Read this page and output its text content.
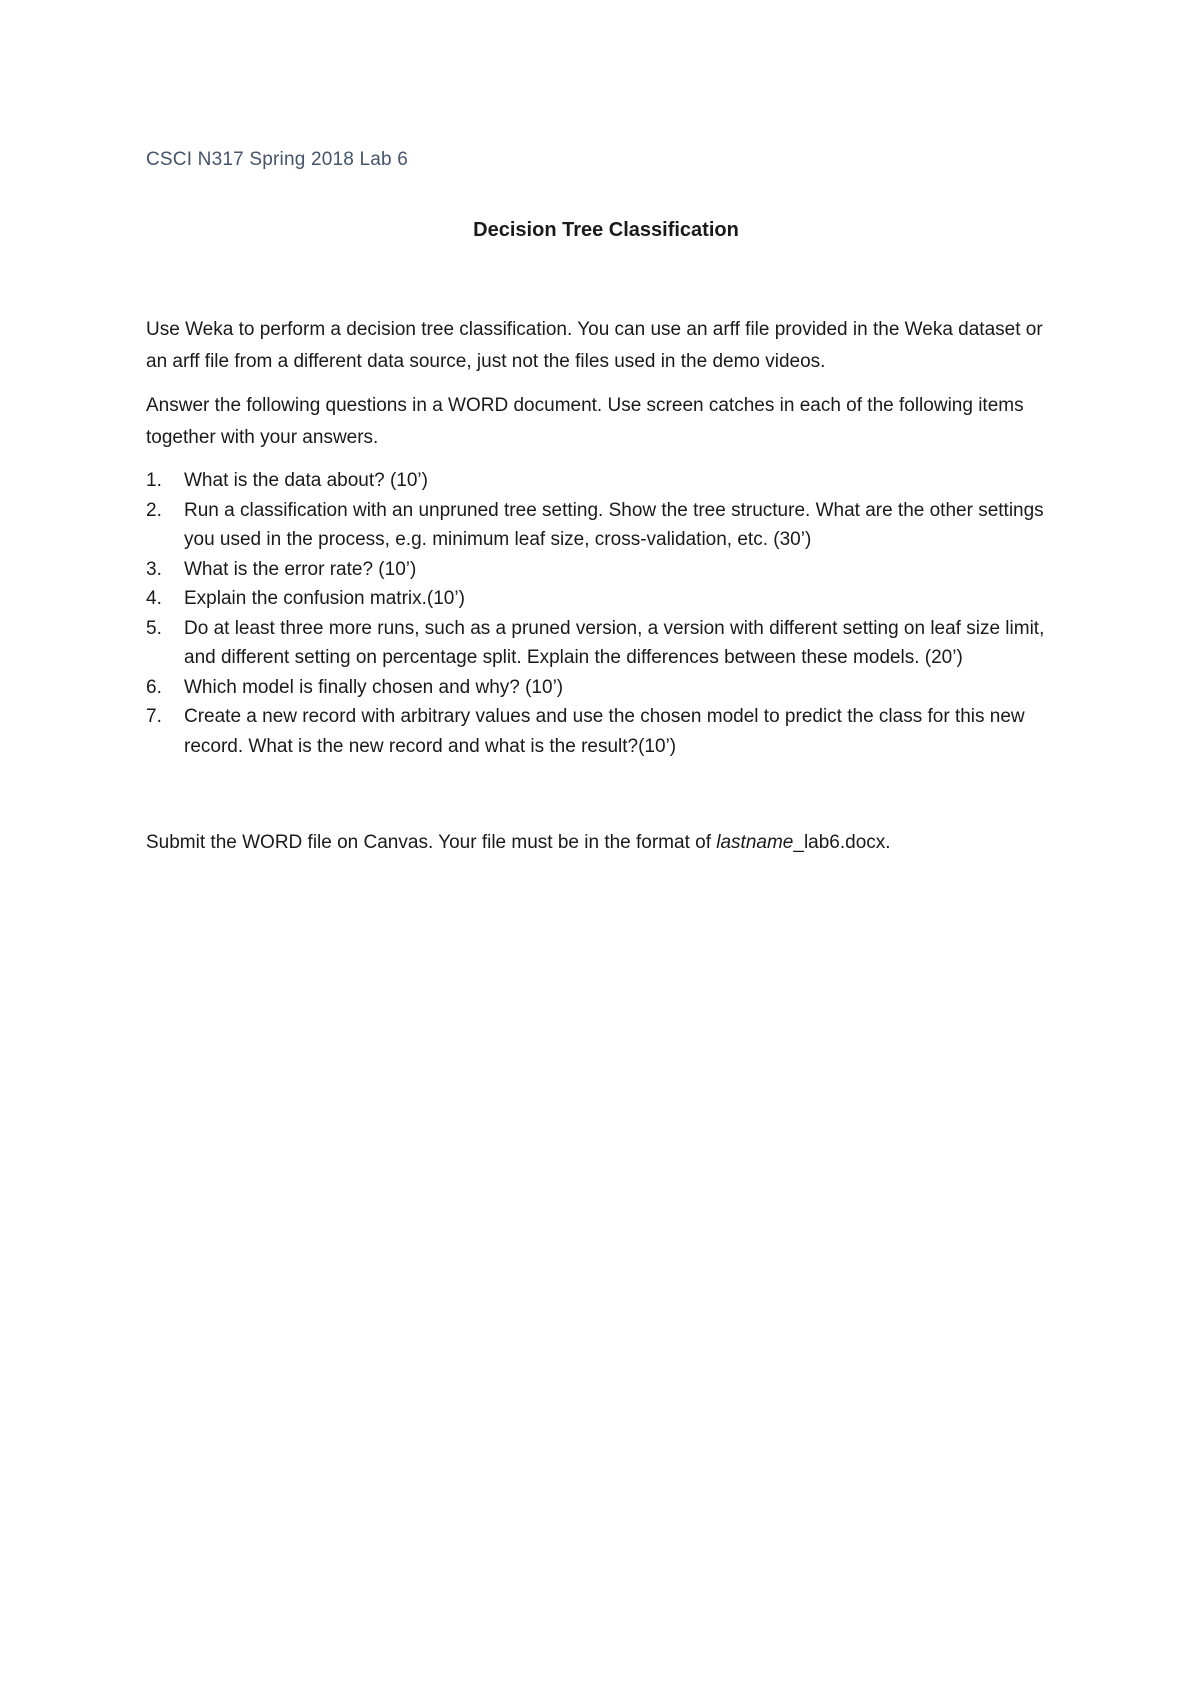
CSCI N317 Spring 2018 Lab 6

Decision Tree Classification

Use Weka to perform a decision tree classification. You can use an arff file provided in the Weka dataset or an arff file from a different data source, just not the files used in the demo videos.

Answer the following questions in a WORD document. Use screen catches in each of the following items together with your answers.

1. What is the data about? (10’)
2. Run a classification with an unpruned tree setting. Show the tree structure. What are the other settings you used in the process, e.g. minimum leaf size, cross-validation, etc. (30’)
3. What is the error rate? (10’)
4. Explain the confusion matrix.(10’)
5. Do at least three more runs, such as a pruned version, a version with different setting on leaf size limit, and different setting on percentage split. Explain the differences between these models. (20’)
6. Which model is finally chosen and why? (10’)
7. Create a new record with arbitrary values and use the chosen model to predict the class for this new record. What is the new record and what is the result?(10’)

Submit the WORD file on Canvas. Your file must be in the format of lastname_lab6.docx.
